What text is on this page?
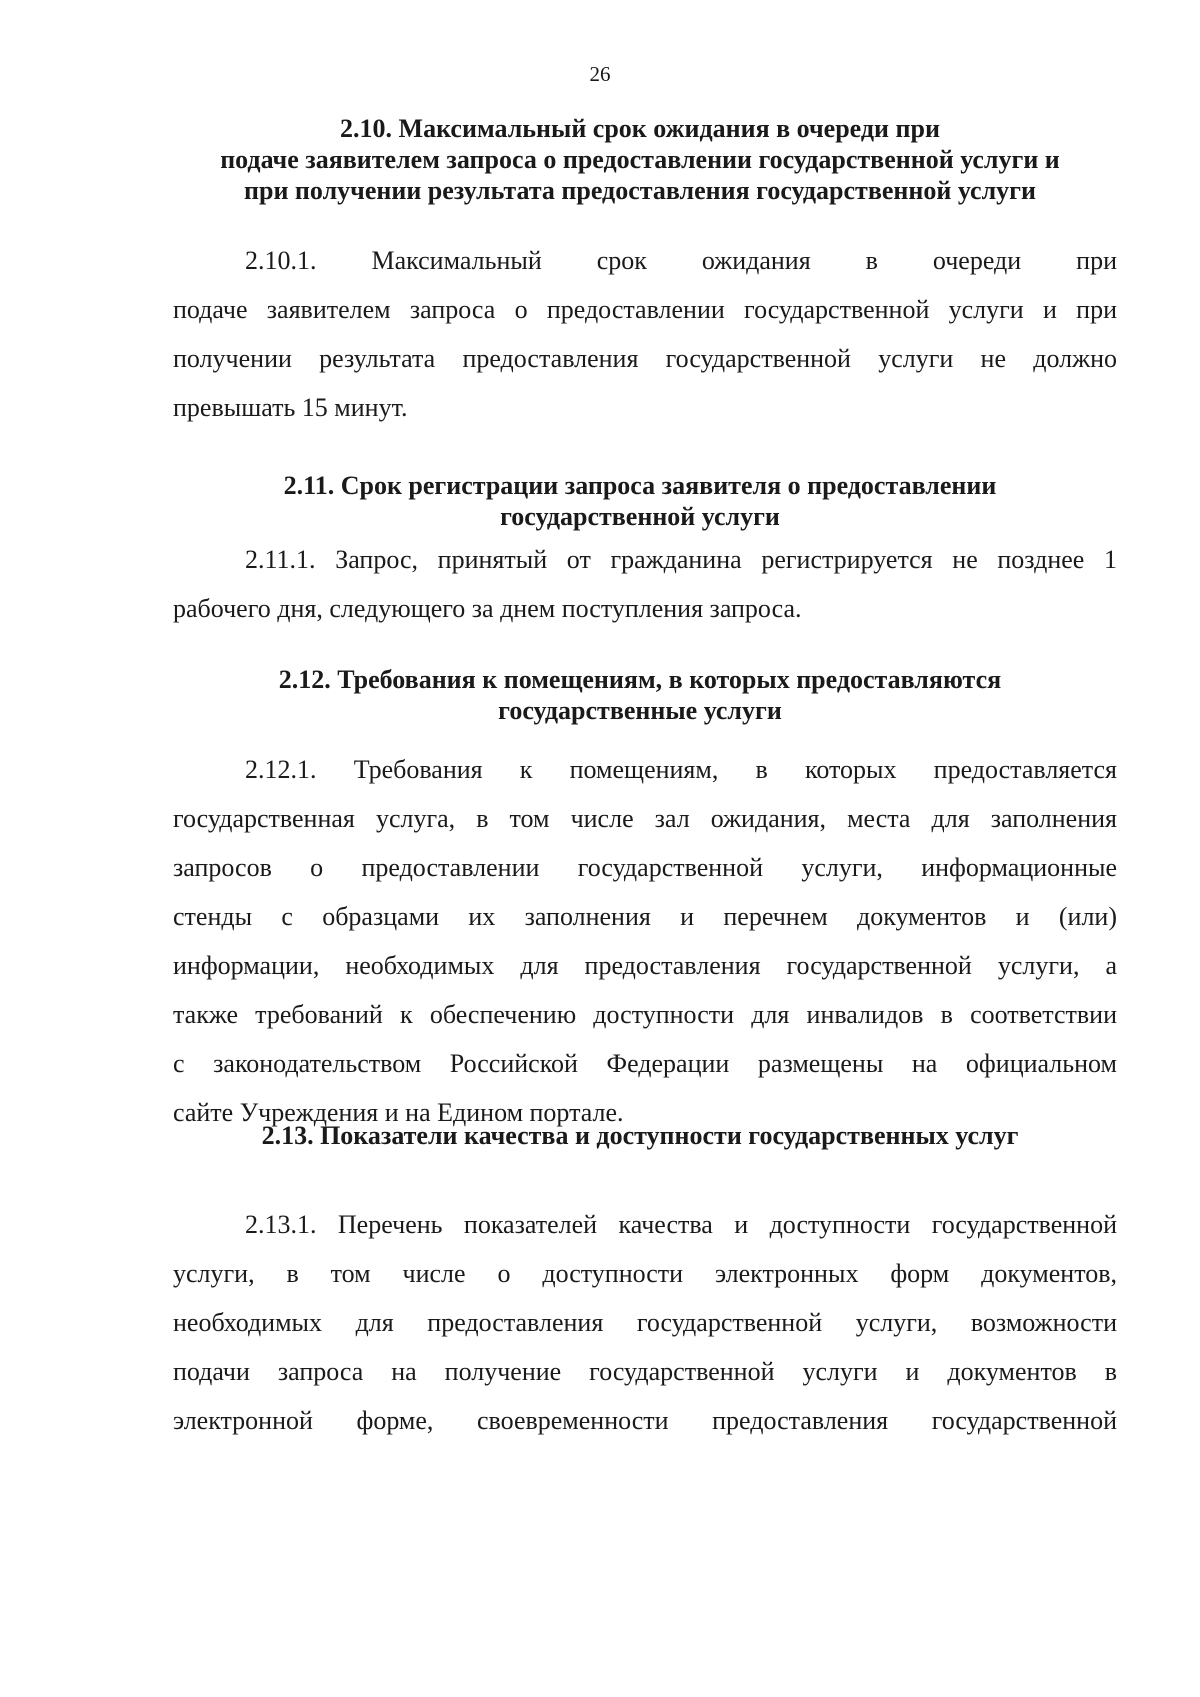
26
2.10. Максимальный срок ожидания в очереди при
подаче заявителем запроса о предоставлении государственной услуги и
при получении результата предоставления государственной услуги
2.10.1. Максимальный срок ожидания в очереди при
подаче заявителем запроса о предоставлении государственной услуги и при
получении результата предоставления государственной услуги не должно
превышать 15 минут.
2.11. Срок регистрации запроса заявителя о предоставлении
государственной услуги
2.11.1. Запрос, принятый от гражданина регистрируется не позднее 1
рабочего дня, следующего за днем поступления запроса.
2.12. Требования к помещениям, в которых предоставляются
государственные услуги
2.12.1. Требования к помещениям, в которых предоставляется
государственная услуга, в том числе зал ожидания, места для заполнения
запросов о предоставлении государственной услуги, информационные
стенды с образцами их заполнения и перечнем документов и (или)
информации, необходимых для предоставления государственной услуги, а
также требований к обеспечению доступности для инвалидов в соответствии
с законодательством Российской Федерации размещены на официальном
сайте Учреждения и на Едином портале.
2.13. Показатели качества и доступности государственных услуг
2.13.1. Перечень показателей качества и доступности государственной
услуги, в том числе о доступности электронных форм документов,
необходимых для предоставления государственной услуги, возможности
подачи запроса на получение государственной услуги и документов в
электронной форме, своевременности предоставления государственной
